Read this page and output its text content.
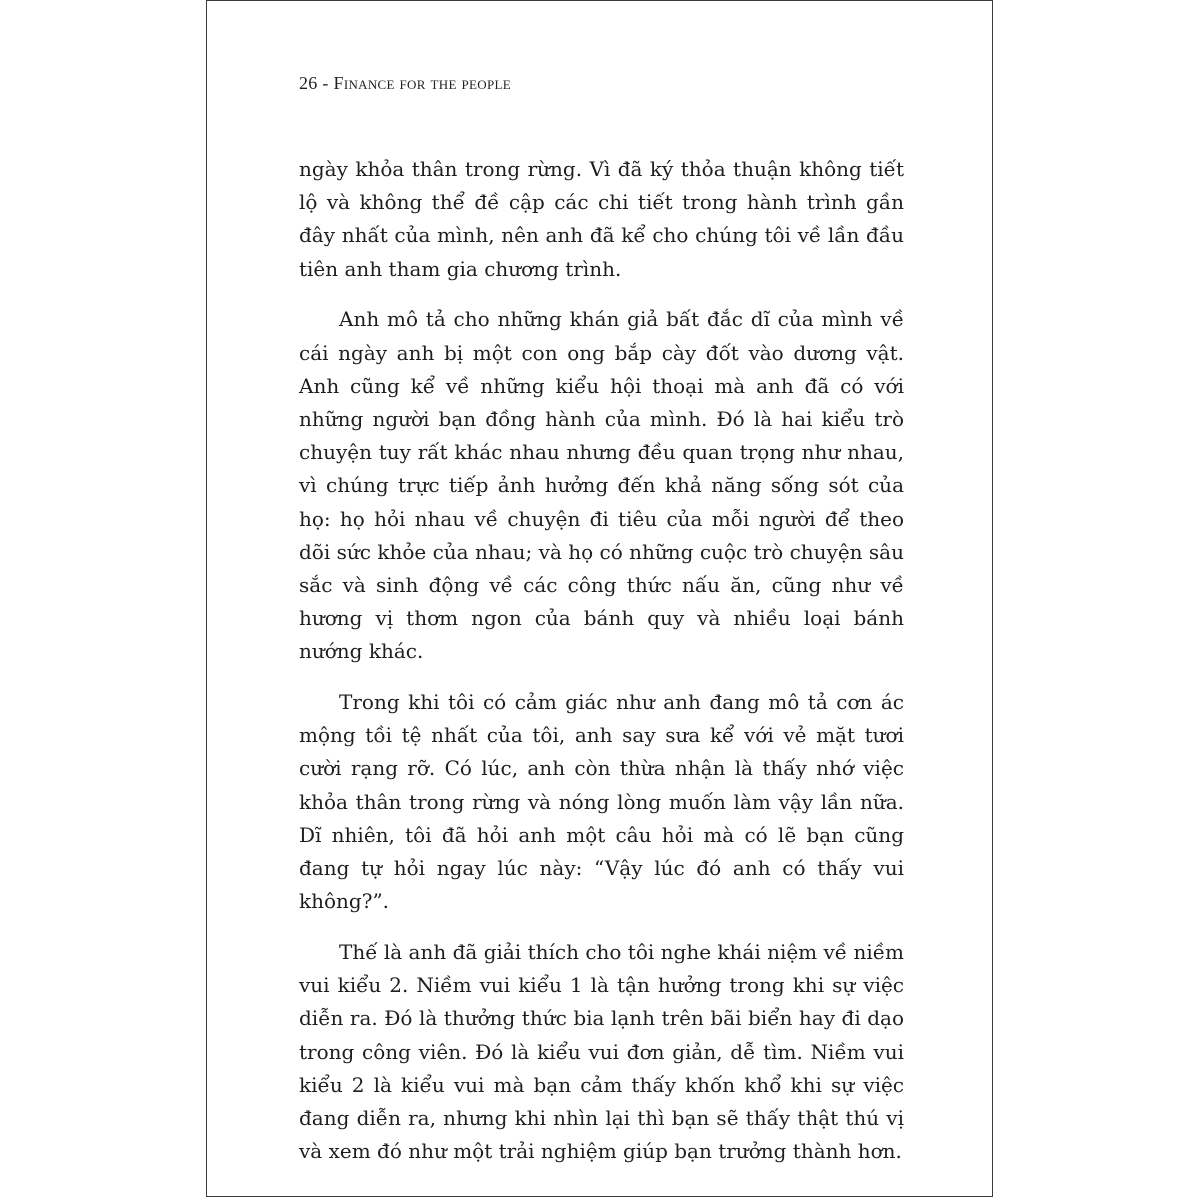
26 - Finance for the people

ngày khỏa thân trong rừng. Vì đã ký thỏa thuận không tiết lộ và không thể đề cập các chi tiết trong hành trình gần đây nhất của mình, nên anh đã kể cho chúng tôi về lần đầu tiên anh tham gia chương trình.

Anh mô tả cho những khán giả bất đắc dĩ của mình về cái ngày anh bị một con ong bắp cày đốt vào dương vật. Anh cũng kể về những kiểu hội thoại mà anh đã có với những người bạn đồng hành của mình. Đó là hai kiểu trò chuyện tuy rất khác nhau nhưng đều quan trọng như nhau, vì chúng trực tiếp ảnh hưởng đến khả năng sống sót của họ: họ hỏi nhau về chuyện đi tiêu của mỗi người để theo dõi sức khỏe của nhau; và họ có những cuộc trò chuyện sâu sắc và sinh động về các công thức nấu ăn, cũng như về hương vị thơm ngon của bánh quy và nhiều loại bánh nướng khác.

Trong khi tôi có cảm giác như anh đang mô tả cơn ác mộng tồi tệ nhất của tôi, anh say sưa kể với vẻ mặt tươi cười rạng rỡ. Có lúc, anh còn thừa nhận là thấy nhớ việc khỏa thân trong rừng và nóng lòng muốn làm vậy lần nữa. Dĩ nhiên, tôi đã hỏi anh một câu hỏi mà có lẽ bạn cũng đang tự hỏi ngay lúc này: “Vậy lúc đó anh có thấy vui không?”.

Thế là anh đã giải thích cho tôi nghe khái niệm về niềm vui kiểu 2. Niềm vui kiểu 1 là tận hưởng trong khi sự việc diễn ra. Đó là thưởng thức bia lạnh trên bãi biển hay đi dạo trong công viên. Đó là kiểu vui đơn giản, dễ tìm. Niềm vui kiểu 2 là kiểu vui mà bạn cảm thấy khốn khổ khi sự việc đang diễn ra, nhưng khi nhìn lại thì bạn sẽ thấy thật thú vị và xem đó như một trải nghiệm giúp bạn trưởng thành hơn.
